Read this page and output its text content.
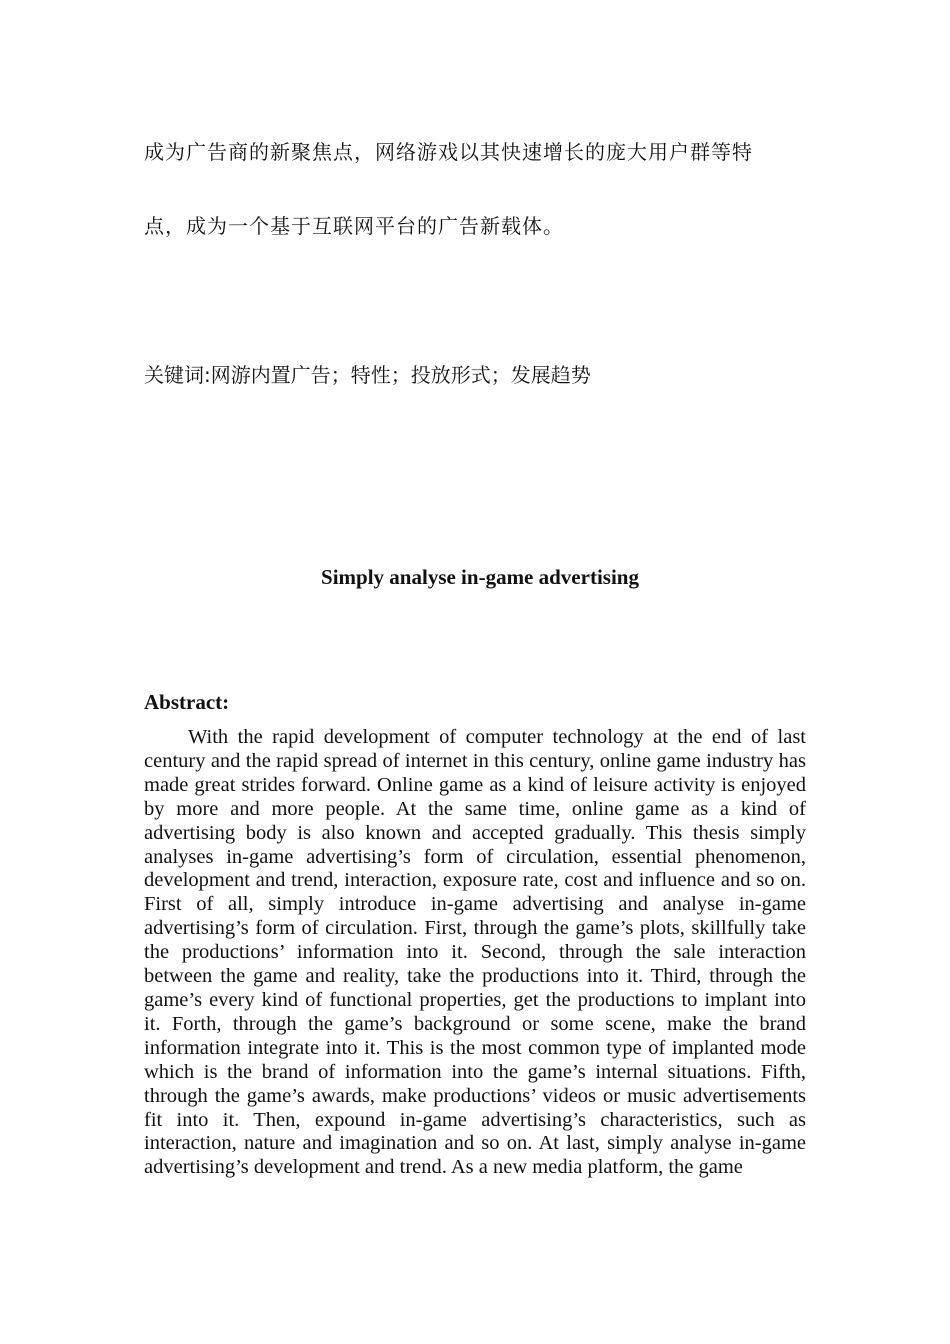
成为广告商的新聚焦点，网络游戏以其快速增长的庞大用户群等特
点，成为一个基于互联网平台的广告新载体。
关键词:网游内置广告；特性；投放形式；发展趋势
Simply analyse in-game advertising
Abstract:

With the rapid development of computer technology at the end of last century and the rapid spread of internet in this century, online game industry has made great strides forward. Online game as a kind of leisure activity is enjoyed by more and more people. At the same time, online game as a kind of advertising body is also known and accepted gradually. This thesis simply analyses in-game advertising’s form of circulation, essential phenomenon, development and trend, interaction, exposure rate, cost and influence and so on. First of all, simply introduce in-game advertising and analyse in-game advertising’s form of circulation. First, through the game’s plots, skillfully take the productions’ information into it. Second, through the sale interaction between the game and reality, take the productions into it. Third, through the game’s every kind of functional properties, get the productions to implant into it. Forth, through the game’s background or some scene, make the brand information integrate into it. This is the most common type of implanted mode which is the brand of information into the game’s internal situations. Fifth, through the game’s awards, make productions’ videos or music advertisements fit into it. Then, expound in-game advertising’s characteristics, such as interaction, nature and imagination and so on. At last, simply analyse in-game advertising’s development and trend. As a new media platform, the game
